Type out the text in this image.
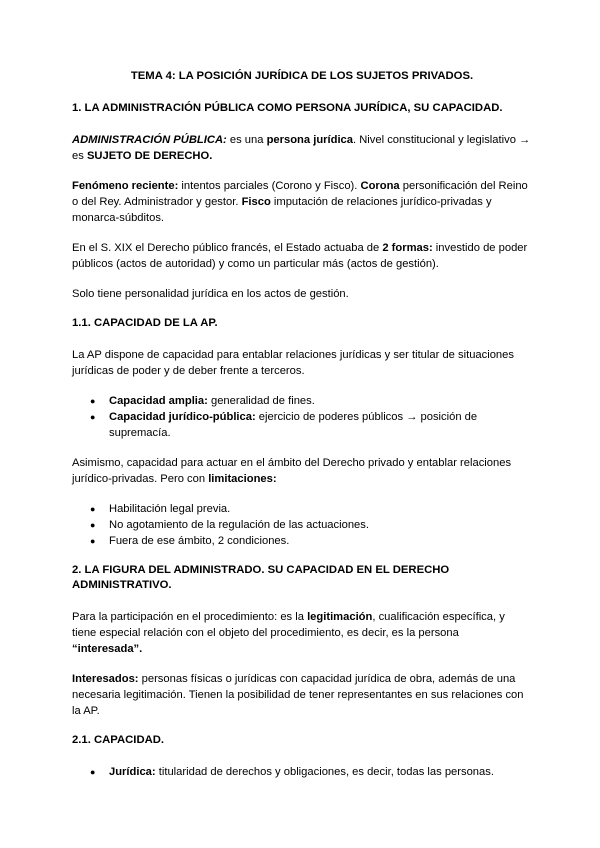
TEMA 4: LA POSICIÓN JURÍDICA DE LOS SUJETOS PRIVADOS.

1. LA ADMINISTRACIÓN PÚBLICA COMO PERSONA JURÍDICA, SU CAPACIDAD.

ADMINISTRACIÓN PÚBLICA: es una persona jurídica. Nivel constitucional y legislativo → es SUJETO DE DERECHO.

Fenómeno reciente: intentos parciales (Corono y Fisco). Corona personificación del Reino o del Rey. Administrador y gestor. Fisco imputación de relaciones jurídico-privadas y monarca-súbditos.

En el S. XIX el Derecho público francés, el Estado actuaba de 2 formas: investido de poder públicos (actos de autoridad) y como un particular más (actos de gestión).

Solo tiene personalidad jurídica en los actos de gestión.

1.1. CAPACIDAD DE LA AP.

La AP dispone de capacidad para entablar relaciones jurídicas y ser titular de situaciones jurídicas de poder y de deber frente a terceros.

● Capacidad amplia: generalidad de fines.
● Capacidad jurídico-pública: ejercicio de poderes públicos → posición de supremacía.

Asimismo, capacidad para actuar en el ámbito del Derecho privado y entablar relaciones jurídico-privadas. Pero con limitaciones:

● Habilitación legal previa.
● No agotamiento de la regulación de las actuaciones.
● Fuera de ese ámbito, 2 condiciones.
2. LA FIGURA DEL ADMINISTRADO. SU CAPACIDAD EN EL DERECHO ADMINISTRATIVO.

Para la participación en el procedimiento: es la legitimación, cualificación específica, y tiene especial relación con el objeto del procedimiento, es decir, es la persona “interesada”.

Interesados: personas físicas o jurídicas con capacidad jurídica de obra, además de una necesaria legitimación. Tienen la posibilidad de tener representantes en sus relaciones con la AP.

2.1. CAPACIDAD.
● Jurídica: titularidad de derechos y obligaciones, es decir, todas las personas.
